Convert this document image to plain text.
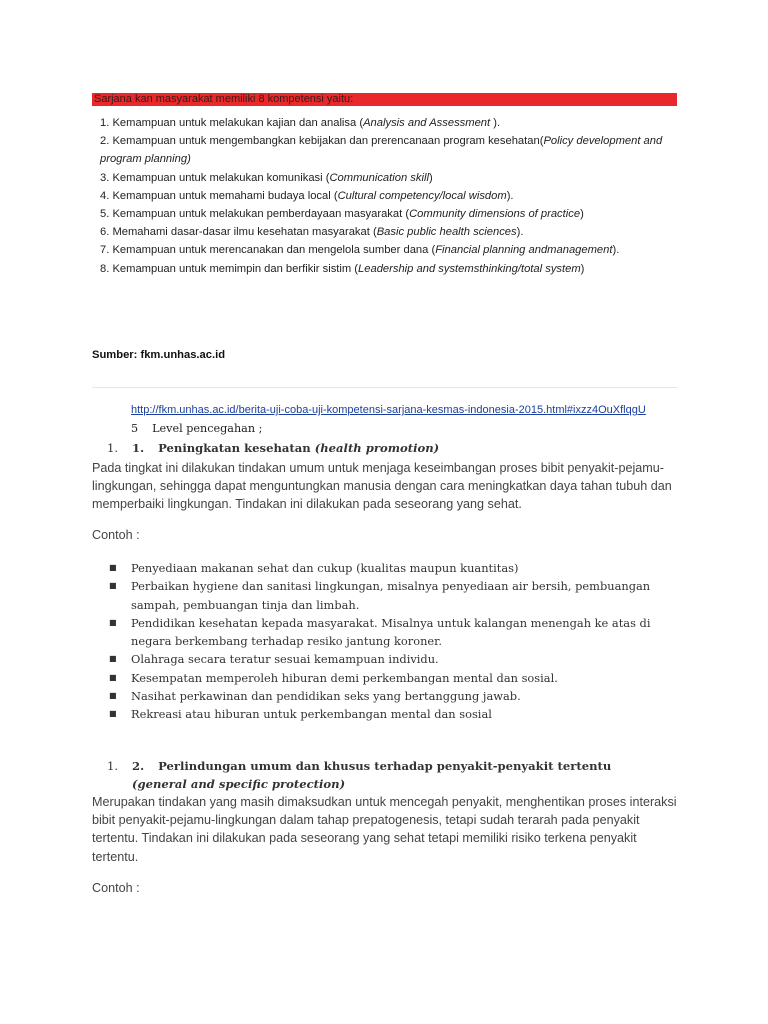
Sarjana kan masyarakat memiliki 8 kompetensi yaitu:
1. Kemampuan untuk melakukan kajian dan analisa (Analysis and Assessment ).
2. Kemampuan untuk mengembangkan kebijakan dan prerencanaan program kesehatan(Policy development and program planning)
3. Kemampuan untuk melakukan komunikasi (Communication skill)
4. Kemampuan untuk memahami budaya local (Cultural competency/local wisdom).
5. Kemampuan untuk melakukan pemberdayaan masyarakat (Community dimensions of practice)
6. Memahami dasar-dasar ilmu kesehatan masyarakat (Basic public health sciences).
7. Kemampuan untuk merencanakan dan mengelola sumber dana (Financial planning andmanagement).
8. Kemampuan untuk memimpin dan berfikir sistim (Leadership and systemsthinking/total system)
Sumber: fkm.unhas.ac.id
http://fkm.unhas.ac.id/berita-uji-coba-uji-kompetensi-sarjana-kesmas-indonesia-2015.html#ixzz4OuXflqgU
5 Level pencegahan ;
1. 1. Peningkatan kesehatan (health promotion)
Pada tingkat ini dilakukan tindakan umum untuk menjaga keseimbangan proses bibit penyakit-pejamu-lingkungan, sehingga dapat menguntungkan manusia dengan cara meningkatkan daya tahan tubuh dan memperbaiki lingkungan. Tindakan ini dilakukan pada seseorang yang sehat.
Contoh :
■ Penyediaan makanan sehat dan cukup (kualitas maupun kuantitas)
■ Perbaikan hygiene dan sanitasi lingkungan, misalnya penyediaan air bersih, pembuangan sampah, pembuangan tinja dan limbah.
■ Pendidikan kesehatan kepada masyarakat. Misalnya untuk kalangan menengah ke atas di negara berkembang terhadap resiko jantung koroner.
■ Olahraga secara teratur sesuai kemampuan individu.
■ Kesempatan memperoleh hiburan demi perkembangan mental dan sosial.
■ Nasihat perkawinan dan pendidikan seks yang bertanggung jawab.
■ Rekreasi atau hiburan untuk perkembangan mental dan sosial
1. 2. Perlindungan umum dan khusus terhadap penyakit-penyakit tertentu (general and specific protection)
Merupakan tindakan yang masih dimaksudkan untuk mencegah penyakit, menghentikan proses interaksi bibit penyakit-pejamu-lingkungan dalam tahap prepatogenesis, tetapi sudah terarah pada penyakit tertentu. Tindakan ini dilakukan pada seseorang yang sehat tetapi memiliki risiko terkena penyakit tertentu.
Contoh :
